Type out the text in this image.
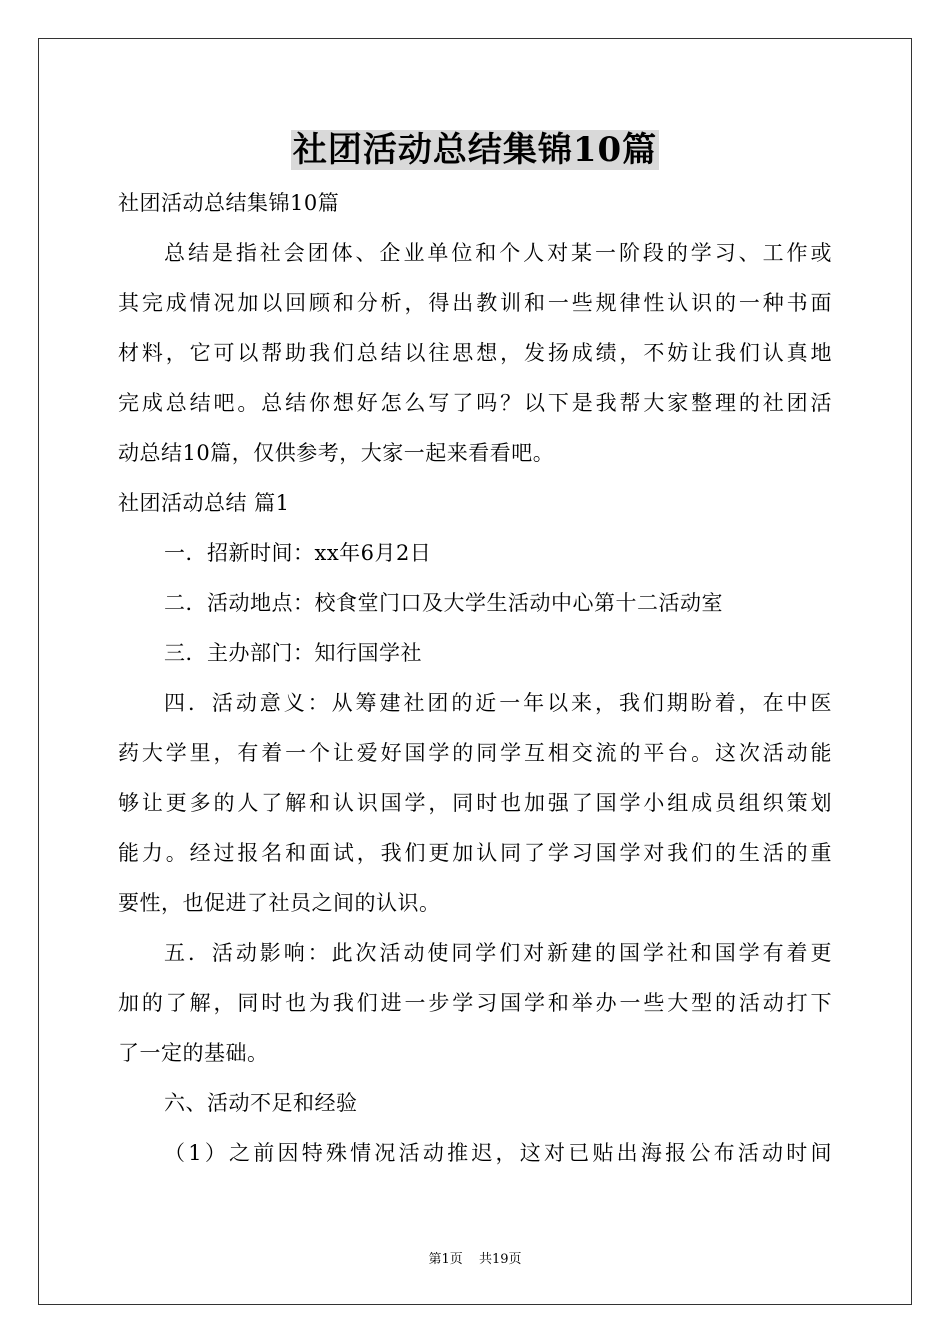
社团活动总结集锦10篇
社团活动总结集锦10篇
总结是指社会团体、企业单位和个人对某一阶段的学习、工作或
其完成情况加以回顾和分析，得出教训和一些规律性认识的一种书面
材料，它可以帮助我们总结以往思想，发扬成绩，不妨让我们认真地
完成总结吧。总结你想好怎么写了吗？以下是我帮大家整理的社团活
动总结10篇，仅供参考，大家一起来看看吧。
社团活动总结 篇1
一．招新时间：xx年6月2日
二．活动地点：校食堂门口及大学生活动中心第十二活动室
三．主办部门：知行国学社
四．活动意义：从筹建社团的近一年以来，我们期盼着，在中医
药大学里，有着一个让爱好国学的同学互相交流的平台。这次活动能
够让更多的人了解和认识国学，同时也加强了国学小组成员组织策划
能力。经过报名和面试，我们更加认同了学习国学对我们的生活的重
要性，也促进了社员之间的认识。
五．活动影响：此次活动使同学们对新建的国学社和国学有着更
加的了解，同时也为我们进一步学习国学和举办一些大型的活动打下
了一定的基础。
六、活动不足和经验
（1）之前因特殊情况活动推迟，这对已贴出海报公布活动时间
第1页 共19页
